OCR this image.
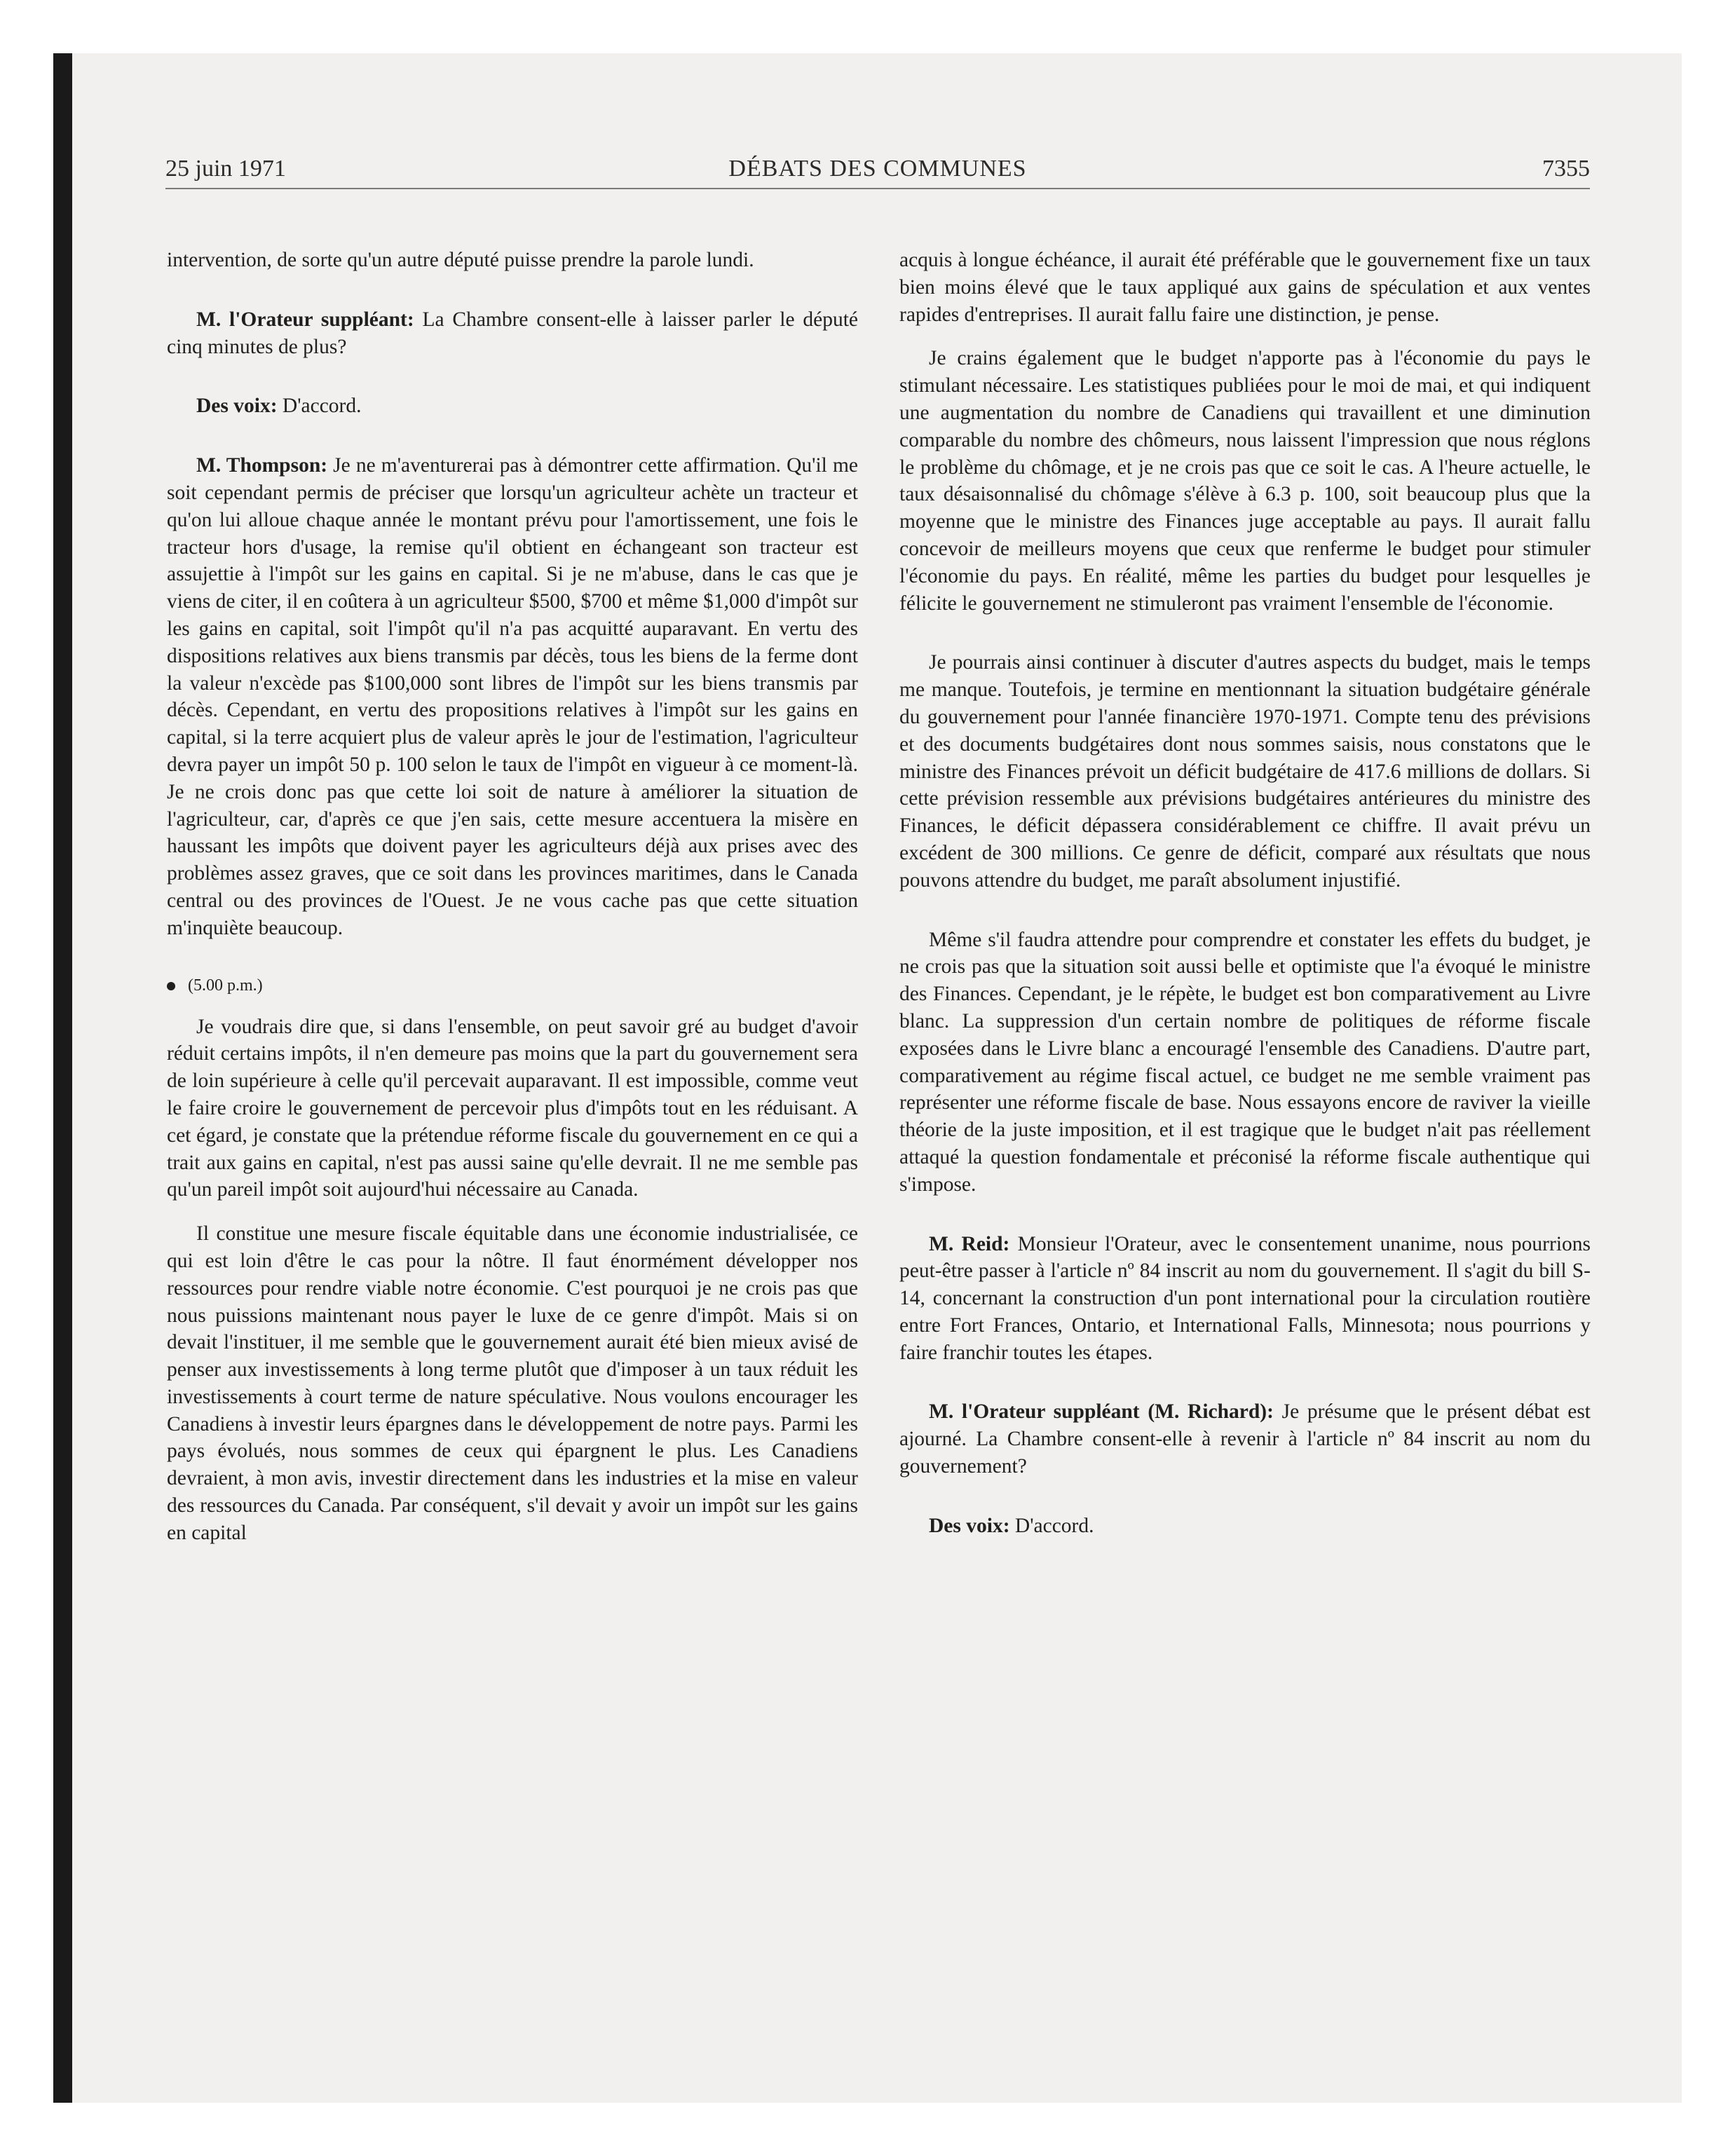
25 juin 1971	DÉBATS DES COMMUNES	7355

intervention, de sorte qu'un autre député puisse prendre la parole lundi.

M. l'Orateur suppléant: La Chambre consent-elle à laisser parler le député cinq minutes de plus?

Des voix: D'accord.

M. Thompson: Je ne m'aventurerai pas à démontrer cette affirmation. Qu'il me soit cependant permis de préciser que lorsqu'un agriculteur achète un tracteur et qu'on lui alloue chaque année le montant prévu pour l'amortissement, une fois le tracteur hors d'usage, la remise qu'il obtient en échangeant son tracteur est assujettie à l'impôt sur les gains en capital. Si je ne m'abuse, dans le cas que je viens de citer, il en coûtera à un agriculteur $500, $700 et même $1,000 d'impôt sur les gains en capital, soit l'impôt qu'il n'a pas acquitté auparavant. En vertu des dispositions relatives aux biens transmis par décès, tous les biens de la ferme dont la valeur n'excède pas $100,000 sont libres de l'impôt sur les biens transmis par décès. Cependant, en vertu des propositions relatives à l'impôt sur les gains en capital, si la terre acquiert plus de valeur après le jour de l'estimation, l'agriculteur devra payer un impôt 50 p. 100 selon le taux de l'impôt en vigueur à ce moment-là. Je ne crois donc pas que cette loi soit de nature à améliorer la situation de l'agriculteur, car, d'après ce que j'en sais, cette mesure accentuera la misère en haussant les impôts que doivent payer les agriculteurs déjà aux prises avec des problèmes assez graves, que ce soit dans les provinces maritimes, dans le Canada central ou des provinces de l'Ouest. Je ne vous cache pas que cette situation m'inquiète beaucoup.

(5.00 p.m.)

Je voudrais dire que, si dans l'ensemble, on peut savoir gré au budget d'avoir réduit certains impôts, il n'en demeure pas moins que la part du gouvernement sera de loin supérieure à celle qu'il percevait auparavant. Il est impossible, comme veut le faire croire le gouvernement de percevoir plus d'impôts tout en les réduisant. A cet égard, je constate que la prétendue réforme fiscale du gouvernement en ce qui a trait aux gains en capital, n'est pas aussi saine qu'elle devrait. Il ne me semble pas qu'un pareil impôt soit aujourd'hui nécessaire au Canada.

Il constitue une mesure fiscale équitable dans une économie industrialisée, ce qui est loin d'être le cas pour la nôtre. Il faut énormément développer nos ressources pour rendre viable notre économie. C'est pourquoi je ne crois pas que nous puissions maintenant nous payer le luxe de ce genre d'impôt. Mais si on devait l'instituer, il me semble que le gouvernement aurait été bien mieux avisé de penser aux investissements à long terme plutôt que d'imposer à un taux réduit les investissements à court terme de nature spéculative. Nous voulons encourager les Canadiens à investir leurs épargnes dans le développement de notre pays. Parmi les pays évolués, nous sommes de ceux qui épargnent le plus. Les Canadiens devraient, à mon avis, investir directement dans les industries et la mise en valeur des ressources du Canada. Par conséquent, s'il devait y avoir un impôt sur les gains en capital

acquis à longue échéance, il aurait été préférable que le gouvernement fixe un taux bien moins élevé que le taux appliqué aux gains de spéculation et aux ventes rapides d'entreprises. Il aurait fallu faire une distinction, je pense.

Je crains également que le budget n'apporte pas à l'économie du pays le stimulant nécessaire. Les statistiques publiées pour le moi de mai, et qui indiquent une augmentation du nombre de Canadiens qui travaillent et une diminution comparable du nombre des chômeurs, nous laissent l'impression que nous réglons le problème du chômage, et je ne crois pas que ce soit le cas. A l'heure actuelle, le taux désaisonnalisé du chômage s'élève à 6.3 p. 100, soit beaucoup plus que la moyenne que le ministre des Finances juge acceptable au pays. Il aurait fallu concevoir de meilleurs moyens que ceux que renferme le budget pour stimuler l'économie du pays. En réalité, même les parties du budget pour lesquelles je félicite le gouvernement ne stimuleront pas vraiment l'ensemble de l'économie.

Je pourrais ainsi continuer à discuter d'autres aspects du budget, mais le temps me manque. Toutefois, je termine en mentionnant la situation budgétaire générale du gouvernement pour l'année financière 1970-1971. Compte tenu des prévisions et des documents budgétaires dont nous sommes saisis, nous constatons que le ministre des Finances prévoit un déficit budgétaire de 417.6 millions de dollars. Si cette prévision ressemble aux prévisions budgétaires antérieures du ministre des Finances, le déficit dépassera considérablement ce chiffre. Il avait prévu un excédent de 300 millions. Ce genre de déficit, comparé aux résultats que nous pouvons attendre du budget, me paraît absolument injustifié.

Même s'il faudra attendre pour comprendre et constater les effets du budget, je ne crois pas que la situation soit aussi belle et optimiste que l'a évoqué le ministre des Finances. Cependant, je le répète, le budget est bon comparativement au Livre blanc. La suppression d'un certain nombre de politiques de réforme fiscale exposées dans le Livre blanc a encouragé l'ensemble des Canadiens. D'autre part, comparativement au régime fiscal actuel, ce budget ne me semble vraiment pas représenter une réforme fiscale de base. Nous essayons encore de raviver la vieille théorie de la juste imposition, et il est tragique que le budget n'ait pas réellement attaqué la question fondamentale et préconisé la réforme fiscale authentique qui s'impose.

M. Reid: Monsieur l'Orateur, avec le consentement unanime, nous pourrions peut-être passer à l'article nº 84 inscrit au nom du gouvernement. Il s'agit du bill S-14, concernant la construction d'un pont international pour la circulation routière entre Fort Frances, Ontario, et International Falls, Minnesota; nous pourrions y faire franchir toutes les étapes.

M. l'Orateur suppléant (M. Richard): Je présume que le présent débat est ajourné. La Chambre consent-elle à revenir à l'article nº 84 inscrit au nom du gouvernement?

Des voix: D'accord.
